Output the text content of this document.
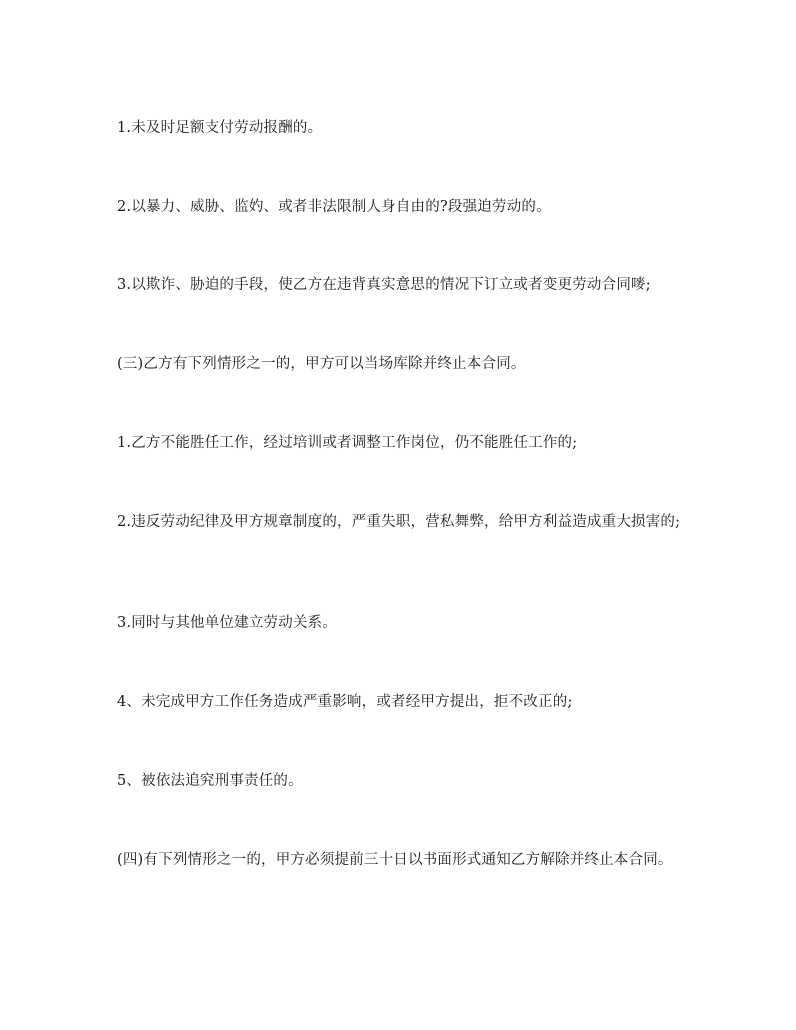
1.未及时足额支付劳动报酬的。

2.以暴力、威胁、监妁、或者非法限制人身自由的?段强迫劳动的。

3.以欺诈、胁迫的手段，使乙方在违背真实意思的情况下订立或者变更劳动合同嘜;

(三)乙方有下列情形之一的，甲方可以当场库除并终止本合同。

1.乙方不能胜任工作，经过培训或者调整工作岗位，仍不能胜任工作的;

2.违反劳动纪律及甲方规章制度的，严重失职，营私舞弊，给甲方利益造成重大损害的;

3.同时与其他单位建立劳动关系。

4、未完成甲方工作任务造成严重影响，或者经甲方提出，拒不改正的;

5、被依法追究刑事责任的。

(四)有下列情形之一的，甲方必须提前三十日以书面形式通知乙方解除并终止本合同。
